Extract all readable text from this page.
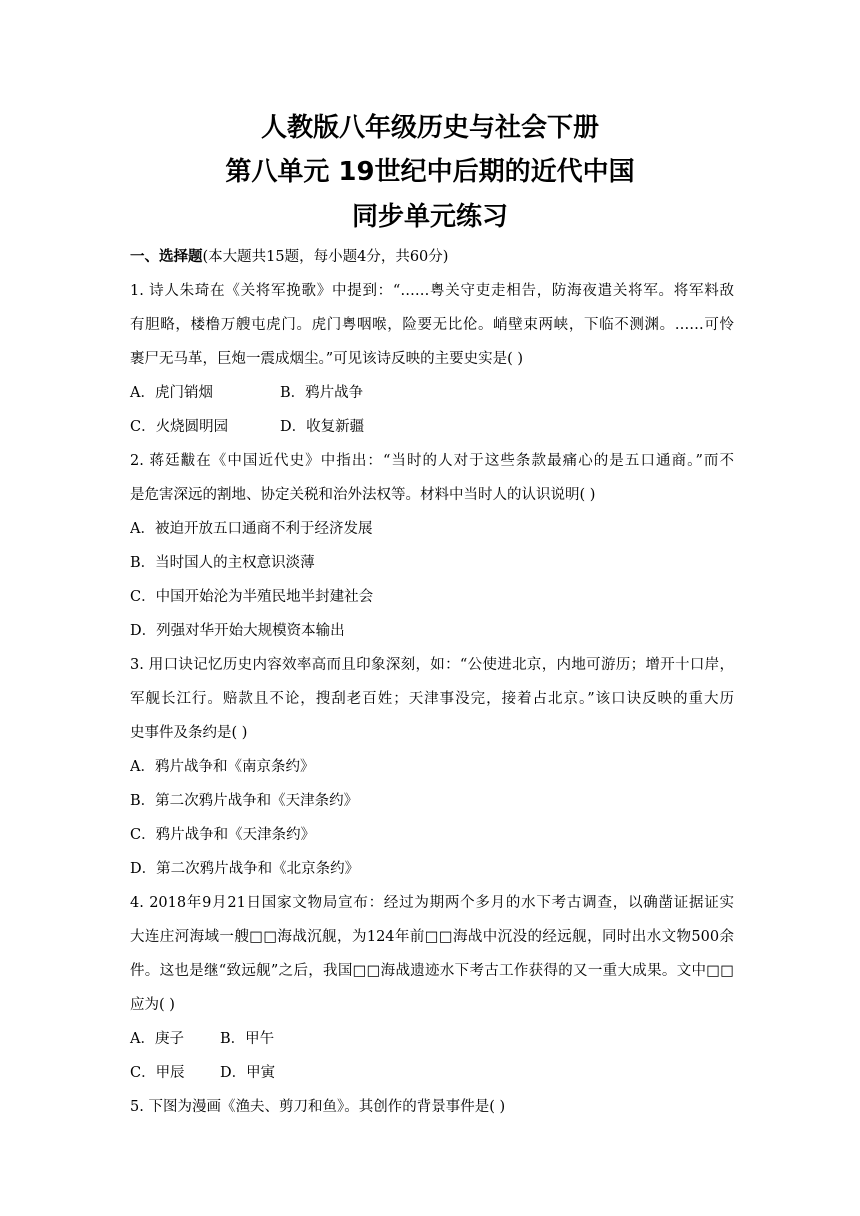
人教版八年级历史与社会下册
第八单元 19世纪中后期的近代中国
同步单元练习
一、选择题(本大题共15题，每小题4分，共60分)
1. 诗人朱琦在《关将军挽歌》中提到：“……粤关守吏走相告，防海夜遣关将军。将军料敌
有胆略，楼橹万艘屯虎门。虎门粤咽喉，险要无比伦。峭壁束两峡，下临不测渊。……可怜
裹尸无马革，巨炮一震成烟尘。”可见该诗反映的主要史实是( )
A．虎门销烟	B．鸦片战争
C．火烧圆明园	D．收复新疆
2. 蒋廷黻在《中国近代史》中指出：“当时的人对于这些条款最痛心的是五口通商。”而不
是危害深远的割地、协定关税和治外法权等。材料中当时人的认识说明( )
A．被迫开放五口通商不利于经济发展
B．当时国人的主权意识淡薄
C．中国开始沦为半殖民地半封建社会
D．列强对华开始大规模资本输出
3. 用口诀记忆历史内容效率高而且印象深刻，如：“公使进北京，内地可游历；增开十口岸，
军舰长江行。赔款且不论，搜刮老百姓；天津事没完，接着占北京。”该口诀反映的重大历
史事件及条约是( )
A．鸦片战争和《南京条约》
B．第二次鸦片战争和《天津条约》
C．鸦片战争和《天津条约》
D．第二次鸦片战争和《北京条约》
4. 2018年9月21日国家文物局宣布：经过为期两个多月的水下考古调查，以确凿证据证实
大连庄河海域一艘□□海战沉舰，为124年前□□海战中沉没的经远舰，同时出水文物500余
件。这也是继“致远舰”之后，我国□□海战遗迹水下考古工作获得的又一重大成果。文中□□
应为( )
A．庚子	B．甲午
C．甲辰	D．甲寅
5. 下图为漫画《渔夫、剪刀和鱼》。其创作的背景事件是( )
